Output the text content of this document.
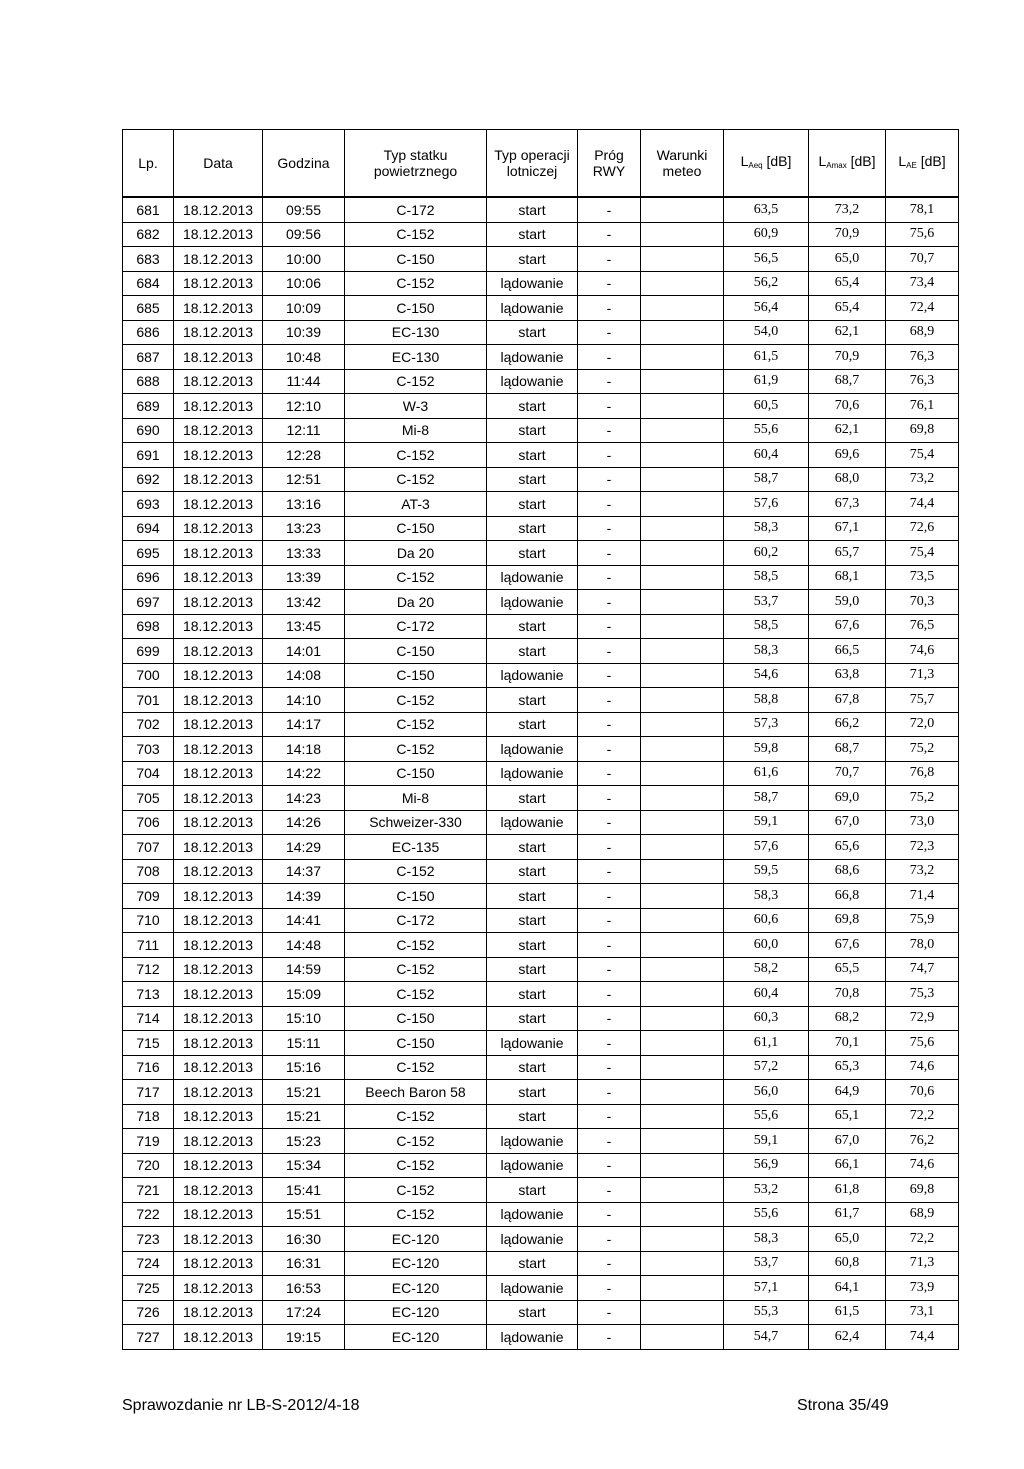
Lp.	Data	Godzina	Typ statku powietrznego	Typ operacji lotniczej	Próg RWY	Warunki meteo	$L_{Aeq}$ [dB]	$L_{Amax}$ [dB]	$L_{AE}$ [dB]
681	18.12.2013	09:55	C-172	start	-		63,5	73,2	78,1
682	18.12.2013	09:56	C-152	start	-		60,9	70,9	75,6
683	18.12.2013	10:00	C-150	start	-		56,5	65,0	70,7
684	18.12.2013	10:06	C-152	lądowanie	-		56,2	65,4	73,4
685	18.12.2013	10:09	C-150	lądowanie	-		56,4	65,4	72,4
686	18.12.2013	10:39	EC-130	start	-		54,0	62,1	68,9
687	18.12.2013	10:48	EC-130	lądowanie	-		61,5	70,9	76,3
688	18.12.2013	11:44	C-152	lądowanie	-		61,9	68,7	76,3
689	18.12.2013	12:10	W-3	start	-		60,5	70,6	76,1
690	18.12.2013	12:11	Mi-8	start	-		55,6	62,1	69,8
691	18.12.2013	12:28	C-152	start	-		60,4	69,6	75,4
692	18.12.2013	12:51	C-152	start	-		58,7	68,0	73,2
693	18.12.2013	13:16	AT-3	start	-		57,6	67,3	74,4
694	18.12.2013	13:23	C-150	start	-		58,3	67,1	72,6
695	18.12.2013	13:33	Da 20	start	-		60,2	65,7	75,4
696	18.12.2013	13:39	C-152	lądowanie	-		58,5	68,1	73,5
697	18.12.2013	13:42	Da 20	lądowanie	-		53,7	59,0	70,3
698	18.12.2013	13:45	C-172	start	-		58,5	67,6	76,5
699	18.12.2013	14:01	C-150	start	-		58,3	66,5	74,6
700	18.12.2013	14:08	C-150	lądowanie	-		54,6	63,8	71,3
701	18.12.2013	14:10	C-152	start	-		58,8	67,8	75,7
702	18.12.2013	14:17	C-152	start	-		57,3	66,2	72,0
703	18.12.2013	14:18	C-152	lądowanie	-		59,8	68,7	75,2
704	18.12.2013	14:22	C-150	lądowanie	-		61,6	70,7	76,8
705	18.12.2013	14:23	Mi-8	start	-		58,7	69,0	75,2
706	18.12.2013	14:26	Schweizer-330	lądowanie	-		59,1	67,0	73,0
707	18.12.2013	14:29	EC-135	start	-		57,6	65,6	72,3
708	18.12.2013	14:37	C-152	start	-		59,5	68,6	73,2
709	18.12.2013	14:39	C-150	start	-		58,3	66,8	71,4
710	18.12.2013	14:41	C-172	start	-		60,6	69,8	75,9
711	18.12.2013	14:48	C-152	start	-		60,0	67,6	78,0
712	18.12.2013	14:59	C-152	start	-		58,2	65,5	74,7
713	18.12.2013	15:09	C-152	start	-		60,4	70,8	75,3
714	18.12.2013	15:10	C-150	start	-		60,3	68,2	72,9
715	18.12.2013	15:11	C-150	lądowanie	-		61,1	70,1	75,6
716	18.12.2013	15:16	C-152	start	-		57,2	65,3	74,6
717	18.12.2013	15:21	Beech Baron 58	start	-		56,0	64,9	70,6
718	18.12.2013	15:21	C-152	start	-		55,6	65,1	72,2
719	18.12.2013	15:23	C-152	lądowanie	-		59,1	67,0	76,2
720	18.12.2013	15:34	C-152	lądowanie	-		56,9	66,1	74,6
721	18.12.2013	15:41	C-152	start	-		53,2	61,8	69,8
722	18.12.2013	15:51	C-152	lądowanie	-		55,6	61,7	68,9
723	18.12.2013	16:30	EC-120	lądowanie	-		58,3	65,0	72,2
724	18.12.2013	16:31	EC-120	start	-		53,7	60,8	71,3
725	18.12.2013	16:53	EC-120	lądowanie	-		57,1	64,1	73,9
726	18.12.2013	17:24	EC-120	start	-		55,3	61,5	73,1
727	18.12.2013	19:15	EC-120	lądowanie	-		54,7	62,4	74,4
Sprawozdanie nr LB-S-2012/4-18	Strona 35/49
